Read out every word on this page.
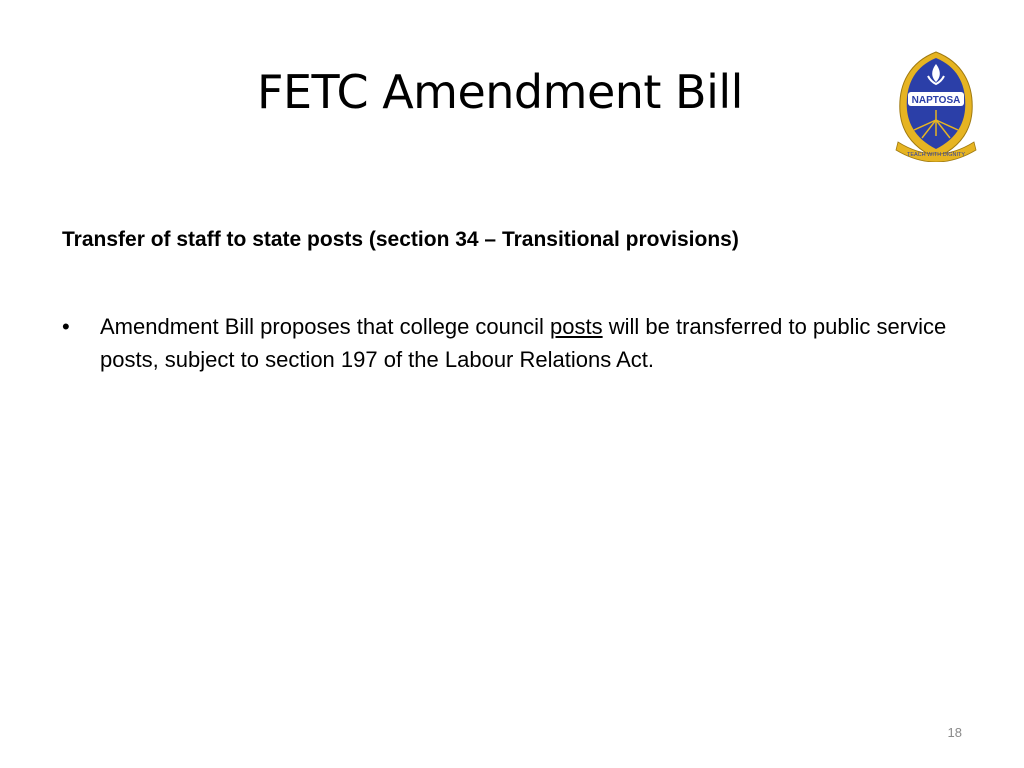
FETC Amendment Bill	NAPTOSA
TEACH WITH DIGNITY

Transfer of staff to state posts (section 34 – Transitional provisions)

• Amendment Bill proposes that college council posts will be transferred to public service posts, subject to section 197 of the Labour Relations Act.
18
